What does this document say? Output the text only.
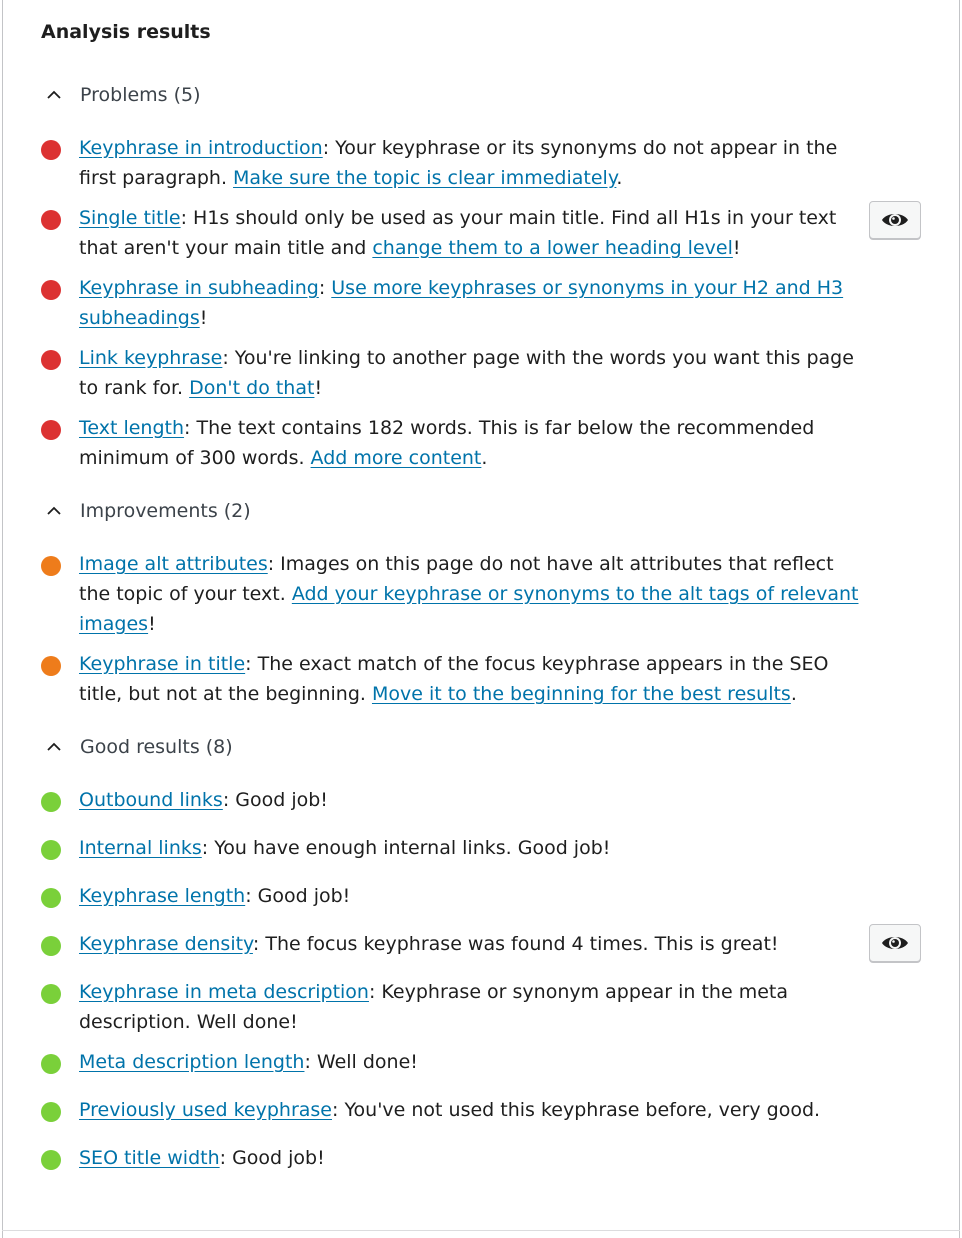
Analysis results
Problems (5)
Keyphrase in introduction: Your keyphrase or its synonyms do not appear in the first paragraph. Make sure the topic is clear immediately.
Single title: H1s should only be used as your main title. Find all H1s in your text that aren't your main title and change them to a lower heading level!
Keyphrase in subheading: Use more keyphrases or synonyms in your H2 and H3 subheadings!
Link keyphrase: You're linking to another page with the words you want this page to rank for. Don't do that!
Text length: The text contains 182 words. This is far below the recommended minimum of 300 words. Add more content.
Improvements (2)
Image alt attributes: Images on this page do not have alt attributes that reflect the topic of your text. Add your keyphrase or synonyms to the alt tags of relevant images!
Keyphrase in title: The exact match of the focus keyphrase appears in the SEO title, but not at the beginning. Move it to the beginning for the best results.
Good results (8)
Outbound links: Good job!
Internal links: You have enough internal links. Good job!
Keyphrase length: Good job!
Keyphrase density: The focus keyphrase was found 4 times. This is great!
Keyphrase in meta description: Keyphrase or synonym appear in the meta description. Well done!
Meta description length: Well done!
Previously used keyphrase: You've not used this keyphrase before, very good.
SEO title width: Good job!
